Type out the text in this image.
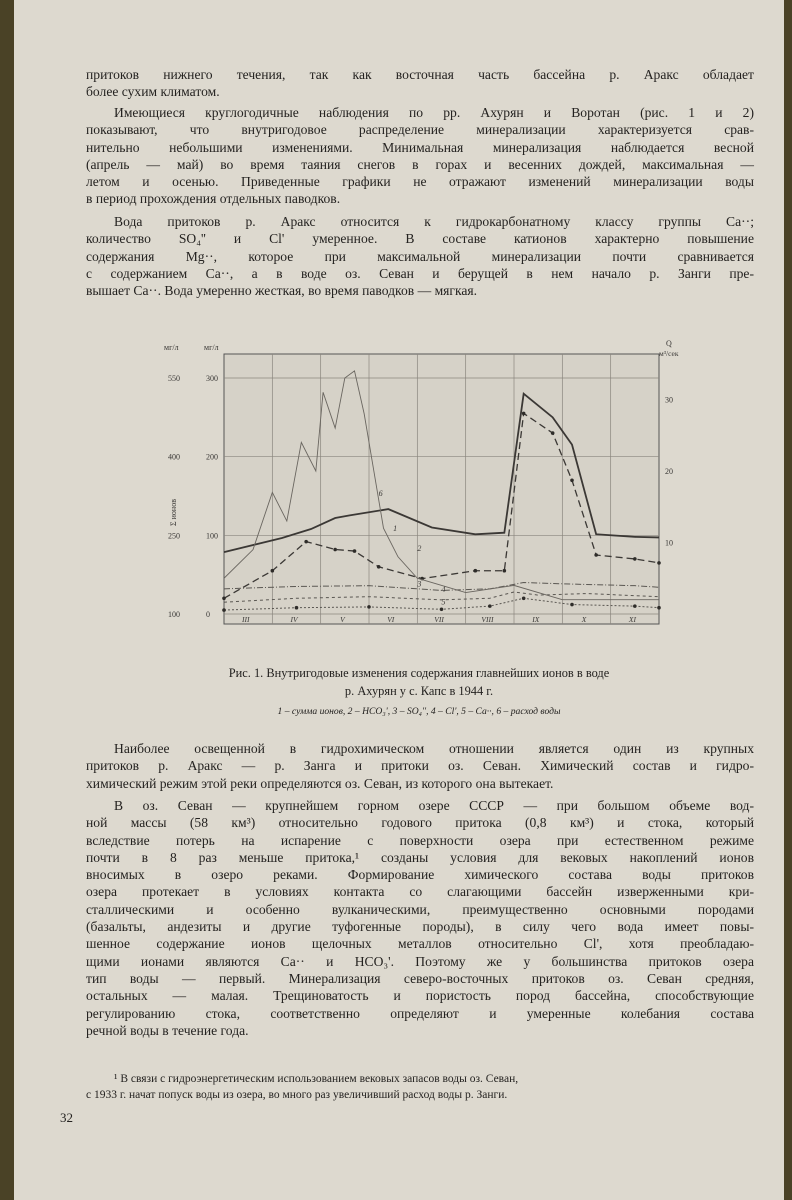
притоков нижнего течения, так как восточная часть бассейна р. Аракс обладает
более сухим климатом.
Имеющиеся круглогодичные наблюдения по рр. Ахурян и Воротан (рис. 1 и 2)
показывают, что внутригодовое распределение минерализации характеризуется срав-
нительно небольшими изменениями. Минимальная минерализация наблюдается весной
(апрель — май) во время таяния снегов в горах и весенних дождей, максимальная —
летом и осенью. Приведенные графики не отражают изменений минерализации воды
в период прохождения отдельных паводков.
Вода притоков р. Аракс относится к гидрокарбонатному классу группы Ca··;
количество SO₄'' и Cl' умеренное. В составе катионов характерно повышение
содержания Mg··, которое при максимальной минерализации почти сравнивается
с содержанием Ca··, а в воде оз. Севан и берущей в нем начало р. Занги пре-
вышает Ca··. Вода умеренно жесткая, во время паводков — мягкая.
мг/л	мг/л	Q
м³/сек
Σ ионов
550
400
250
100
300
200
100
0
30
20
10
III	IV	V	VI	VII	VIII	IX	X	XI
6
1
2
3
4
5
Рис. 1. Внутригодовые изменения содержания главнейших ионов в воде
р. Ахурян у с. Капс в 1944 г.
1 – сумма ионов, 2 – HCO₃', 3 – SO₄'', 4 – Cl', 5 – Ca··, 6 – расход воды
Наиболее освещенной в гидрохимическом отношении является один из крупных
притоков р. Аракс — р. Занга и притоки оз. Севан. Химический состав и гидро-
химический режим этой реки определяются оз. Севан, из которого она вытекает.
В оз. Севан — крупнейшем горном озере СССР — при большом объеме вод-
ной массы (58 км³) относительно годового притока (0,8 км³) и стока, который
вследствие потерь на испарение с поверхности озера при естественном режиме
почти в 8 раз меньше притока,¹ созданы условия для вековых накоплений ионов
вносимых в озеро реками. Формирование химического состава воды притоков
озера протекает в условиях контакта со слагающими бассейн изверженными кри-
сталлическими и особенно вулканическими, преимущественно основными породами
(базальты, андезиты и другие туфогенные породы), в силу чего вода имеет повы-
шенное содержание ионов щелочных металлов относительно Cl', хотя преобладаю-
щими ионами являются Ca·· и HCO₃'. Поэтому же у большинства притоков озера
тип воды — первый. Минерализация северо-восточных притоков оз. Севан средняя,
остальных — малая. Трещиноватость и пористость пород бассейна, способствующие
регулированию стока, соответственно определяют и умеренные колебания состава
речной воды в течение года.
¹ В связи с гидроэнергетическим использованием вековых запасов воды оз. Севан,
с 1933 г. начат попуск воды из озера, во много раз увеличивший расход воды р. Занги.
32
